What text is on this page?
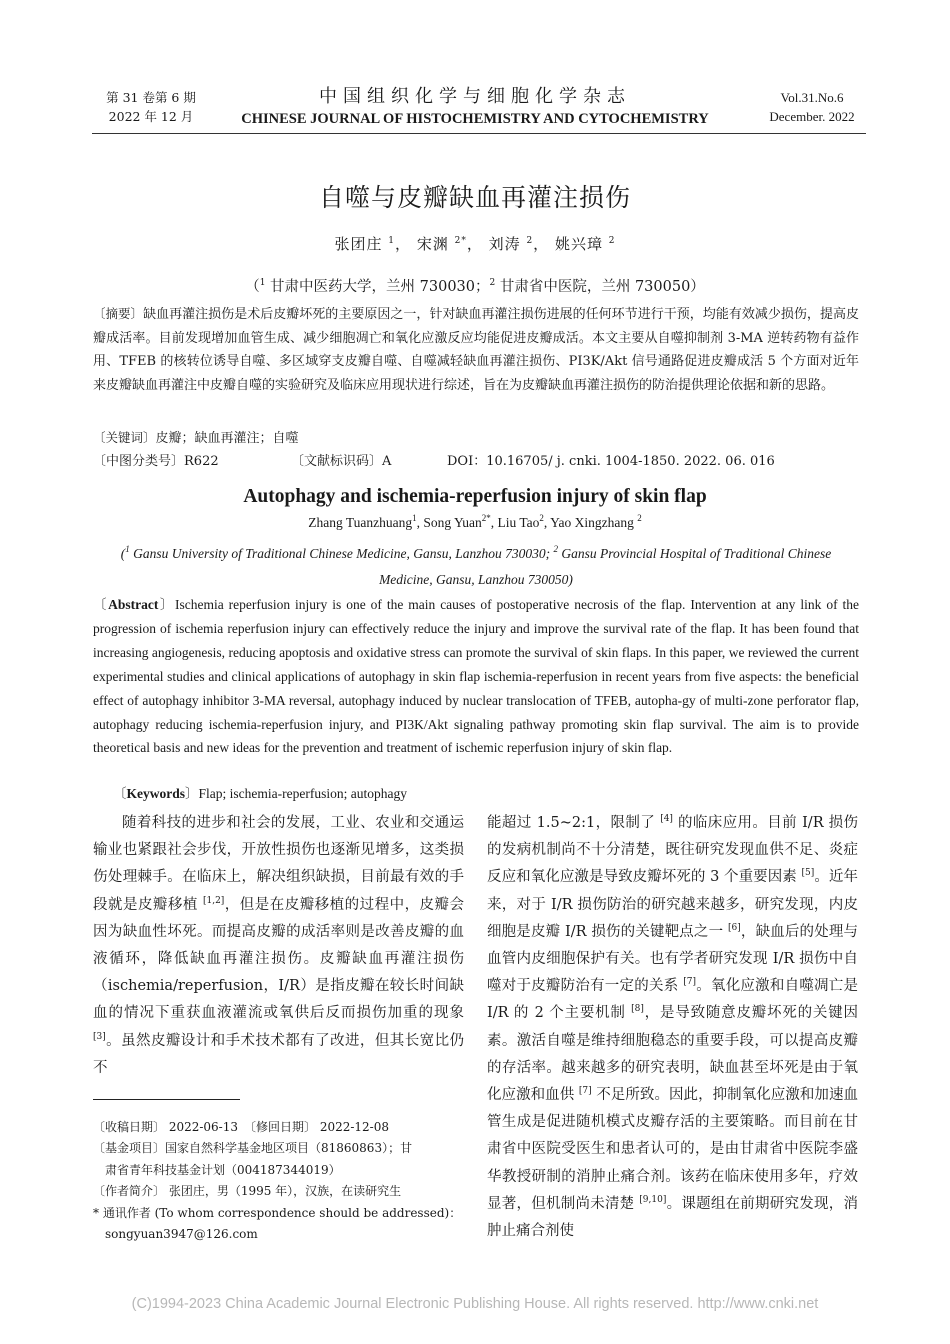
第 31 卷第 6 期
2022 年 12 月
中国组织化学与细胞化学杂志
CHINESE JOURNAL OF HISTOCHEMISTRY AND CYTOCHEMISTRY
Vol.31.No.6
December. 2022
自噬与皮瓣缺血再灌注损伤
张团庄 $^1$， 宋渊 $^{2*}$， 刘涛 $^2$， 姚兴璋 $^2$
（$^1$ 甘肃中医药大学，兰州 730030；$^2$ 甘肃省中医院，兰州 730050）
〔摘要〕缺血再灌注损伤是术后皮瓣坏死的主要原因之一，针对缺血再灌注损伤进展的任何环节进行干预，均能有效减少损伤，提高皮瓣成活率。目前发现增加血管生成、减少细胞凋亡和氧化应激反应均能促进皮瓣成活。本文主要从自噬抑制剂 3-MA 逆转药物有益作用、TFEB 的核转位诱导自噬、多区域穿支皮瓣自噬、自噬减轻缺血再灌注损伤、PI3K/Akt 信号通路促进皮瓣成活 5 个方面对近年来皮瓣缺血再灌注中皮瓣自噬的实验研究及临床应用现状进行综述，旨在为皮瓣缺血再灌注损伤的防治提供理论依据和新的思路。
〔关键词〕皮瓣；缺血再灌注；自噬
〔中图分类号〕R622	〔文献标识码〕A	DOI：10.16705/ j. cnki. 1004-1850. 2022. 06. 016
Autophagy and ischemia-reperfusion injury of skin flap
Zhang Tuanzhuang$^1$, Song Yuan$^{2*}$, Liu Tao$^2$, Yao Xingzhang $^2$
($^1$ Gansu University of Traditional Chinese Medicine, Gansu, Lanzhou 730030; $^2$ Gansu Provincial Hospital of Traditional Chinese Medicine, Gansu, Lanzhou 730050)
〔Abstract〕Ischemia reperfusion injury is one of the main causes of postoperative necrosis of the flap. Intervention at any link of the progression of ischemia reperfusion injury can effectively reduce the injury and improve the survival rate of the flap. It has been found that increasing angiogenesis, reducing apoptosis and oxidative stress can promote the survival of skin flaps. In this paper, we reviewed the current experimental studies and clinical applications of autophagy in skin flap ischemia-reperfusion in recent years from five aspects: the beneficial effect of autophagy inhibitor 3-MA reversal, autophagy induced by nuclear translocation of TFEB, autopha-gy of multi-zone perforator flap, autophagy reducing ischemia-reperfusion injury, and PI3K/Akt signaling pathway promoting skin flap survival. The aim is to provide theoretical basis and new ideas for the prevention and treatment of ischemic reperfusion injury of skin flap.
〔Keywords〕Flap; ischemia-reperfusion; autophagy

随着科技的进步和社会的发展，工业、农业和交通运输业也紧跟社会步伐，开放性损伤也逐渐见增多，这类损伤处理棘手。在临床上，解决组织缺损，目前最有效的手段就是皮瓣移植 [1,2]，但是在皮瓣移植的过程中，皮瓣会因为缺血性坏死。而提高皮瓣的成活率则是改善皮瓣的血液循环，降低缺血再灌注损伤。皮瓣缺血再灌注损伤（ischemia/reperfusion，I/R）是指皮瓣在较长时间缺血的情况下重获血液灌流或氧供后反而损伤加重的现象 [3]。虽然皮瓣设计和手术技术都有了改进，但其长宽比仍不

能超过 1.5~2:1，限制了 [4] 的临床应用。目前 I/R 损伤的发病机制尚不十分清楚，既往研究发现血供不足、炎症反应和氧化应激是导致皮瓣坏死的 3 个重要因素 [5]。近年来，对于 I/R 损伤防治的研究越来越多，研究发现，内皮细胞是皮瓣 I/R 损伤的关键靶点之一 [6]，缺血后的处理与血管内皮细胞保护有关。也有学者研究发现 I/R 损伤中自噬对于皮瓣防治有一定的关系 [7]。氧化应激和自噬凋亡是 I/R 的 2 个主要机制 [8]，是导致随意皮瓣坏死的关键因素。激活自噬是维持细胞稳态的重要手段，可以提高皮瓣的存活率。越来越多的研究表明，缺血甚至坏死是由于氧化应激和血供 [7] 不足所致。因此，抑制氧化应激和加速血管生成是促进随机模式皮瓣存活的主要策略。而目前在甘肃省中医院受医生和患者认可的，是由甘肃省中医院李盛华教授研制的消肿止痛合剂。该药在临床使用多年，疗效显著，但机制尚未清楚 [9,10]。课题组在前期研究发现，消肿止痛合剂使

〔收稿日期〕 2022-06-13　〔修回日期〕 2022-12-08

〔基金项目〕国家自然科学基金地区项目（81860863）；甘

肃省青年科技基金计划（004187344019）

〔作者简介〕 张团庄，男（1995 年），汉族，在读研究生

* 通讯作者 (To whom correspondence should be addressed)：

songyuan3947@126.com

(C)1994-2023 China Academic Journal Electronic Publishing House. All rights reserved. http://www.cnki.net
